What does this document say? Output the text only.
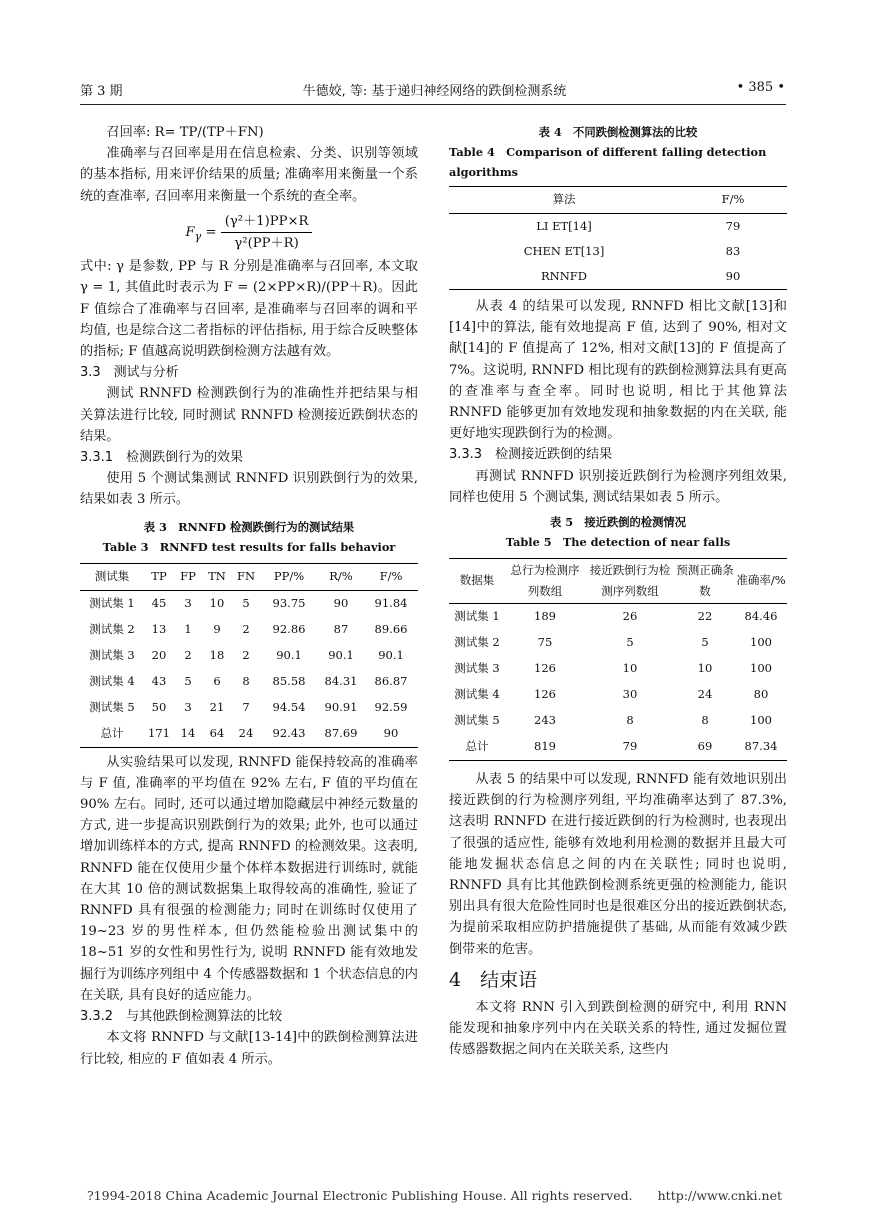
第 3 期	牛德姣, 等: 基于递归神经网络的跌倒检测系统	• 385 •

召回率: R= TP/(TP＋FN)

准确率与召回率是用在信息检索、分类、识别等领域的基本指标, 用来评价结果的质量; 准确率用来衡量一个系统的查准率, 召回率用来衡量一个系统的查全率。

$F_\gamma = \frac{\text{(γ²＋1)PP×R}}{\text{γ²(PP＋R)}}$

式中: γ 是参数, PP 与 R 分别是准确率与召回率, 本文取 γ = 1, 其值此时表示为 F = (2×PP×R)/(PP＋R)。因此 F 值综合了准确率与召回率, 是准确率与召回率的调和平均值, 也是综合这二者指标的评估指标, 用于综合反映整体的指标; F 值越高说明跌倒检测方法越有效。

3.3　测试与分析

测试 RNNFD 检测跌倒行为的准确性并把结果与相关算法进行比较, 同时测试 RNNFD 检测接近跌倒状态的结果。

3.3.1　检测跌倒行为的效果

使用 5 个测试集测试 RNNFD 识别跌倒行为的效果, 结果如表 3 所示。

表 3　RNNFD 检测跌倒行为的测试结果
Table 3　RNNFD test results for falls behavior
测试集	TP	FP	TN	FN	PP/%	R/%	F/%
测试集 1	45	3	10	5	93.75	90	91.84
测试集 2	13	1	9	2	92.86	87	89.66
测试集 3	20	2	18	2	90.1	90.1	90.1
测试集 4	43	5	6	8	85.58	84.31	86.87
测试集 5	50	3	21	7	94.54	90.91	92.59
总计	171	14	64	24	92.43	87.69	90

从实验结果可以发现, RNNFD 能保持较高的准确率与 F 值, 准确率的平均值在 92% 左右, F 值的平均值在 90% 左右。同时, 还可以通过增加隐藏层中神经元数量的方式, 进一步提高识别跌倒行为的效果; 此外, 也可以通过增加训练样本的方式, 提高 RNNFD 的检测效果。这表明, RNNFD 能在仅使用少量个体样本数据进行训练时, 就能在大其 10 倍的测试数据集上取得较高的准确性, 验证了 RNNFD 具有很强的检测能力; 同时在训练时仅使用了 19~23 岁的男性样本, 但仍然能检验出测试集中的 18~51 岁的女性和男性行为, 说明 RNNFD 能有效地发掘行为训练序列组中 4 个传感器数据和 1 个状态信息的内在关联, 具有良好的适应能力。

3.3.2　与其他跌倒检测算法的比较

本文将 RNNFD 与文献[13-14]中的跌倒检测算法进行比较, 相应的 F 值如表 4 所示。

表 4　不同跌倒检测算法的比较
Table 4　Comparison of different falling detection algorithms
算法	F/%
LI ET[14]	79
CHEN ET[13]	83
RNNFD	90

从表 4 的结果可以发现, RNNFD 相比文献[13]和[14]中的算法, 能有效地提高 F 值, 达到了 90%, 相对文献[14]的 F 值提高了 12%, 相对文献[13]的 F 值提高了 7%。这说明, RNNFD 相比现有的跌倒检测算法具有更高的查准率与查全率。同时也说明, 相比于其他算法 RNNFD 能够更加有效地发现和抽象数据的内在关联, 能更好地实现跌倒行为的检测。

3.3.3　检测接近跌倒的结果

再测试 RNNFD 识别接近跌倒行为检测序列组效果, 同样也使用 5 个测试集, 测试结果如表 5 所示。

表 5　接近跌倒的检测情况
Table 5　The detection of near falls
数据集	总行为检测序列数组	接近跌倒行为检测序列数组	预测正确条数	准确率/%
测试集 1	189	26	22	84.46
测试集 2	75	5	5	100
测试集 3	126	10	10	100
测试集 4	126	30	24	80
测试集 5	243	8	8	100
总计	819	79	69	87.34

从表 5 的结果中可以发现, RNNFD 能有效地识别出接近跌倒的行为检测序列组, 平均准确率达到了 87.3%, 这表明 RNNFD 在进行接近跌倒的行为检测时, 也表现出了很强的适应性, 能够有效地利用检测的数据并且最大可能地发掘状态信息之间的内在关联性; 同时也说明, RNNFD 具有比其他跌倒检测系统更强的检测能力, 能识别出具有很大危险性同时也是很难区分出的接近跌倒状态, 为提前采取相应防护措施提供了基础, 从而能有效减少跌倒带来的危害。

4　结束语

本文将 RNN 引入到跌倒检测的研究中, 利用 RNN 能发现和抽象序列中内在关联关系的特性, 通过发掘位置传感器数据之间内在关联关系, 这些内

?1994-2018 China Academic Journal Electronic Publishing House. All rights reserved.　　http://www.cnki.net
